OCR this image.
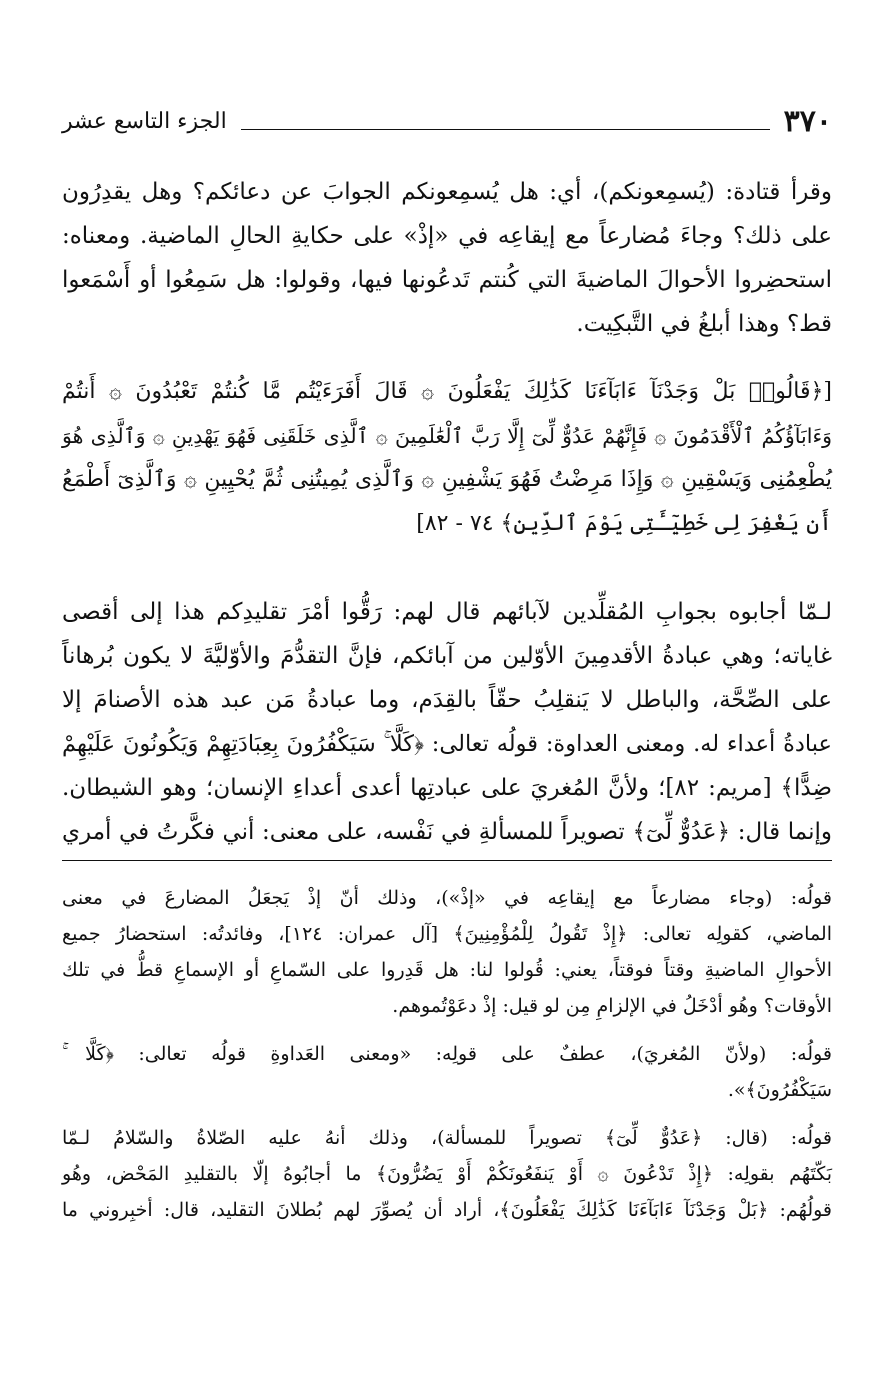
٣٧٠
الجزء التاسع عشر
وقرأ قتادة: (يُسمِعونكم)، أي: هل يُسمِعونكم الجوابَ عن دعائكم؟ وهل يقدِرُون
على ذلك؟ وجاءَ مُضارعاً مع إيقاعِه في «إذْ» على حكايةِ الحالِ الماضية. ومعناه:
استحضِروا الأحوالَ الماضيةَ التي كُنتم تَدعُونها فيها، وقولوا: هل سَمِعُوا أو أَسْمَعوا
قط؟ وهذا أبلغُ في التَّبكِيت.
[﴿قَالُوا۟ بَلْ وَجَدْنَآ ءَابَآءَنَا كَذَٰلِكَ يَفْعَلُونَ ۞ قَالَ أَفَرَءَيْتُم مَّا كُنتُمْ تَعْبُدُونَ ۞ أَنتُمْ
وَءَابَآؤُكُمُ ٱلْأَقْدَمُونَ ۞ فَإِنَّهُمْ عَدُوٌّ لِّىٓ إِلَّا رَبَّ ٱلْعَٰلَمِينَ ۞ ٱلَّذِى خَلَقَنِى فَهُوَ يَهْدِينِ ۞ وَٱلَّذِى هُوَ
يُطْعِمُنِى وَيَسْقِينِ ۞ وَإِذَا مَرِضْتُ فَهُوَ يَشْفِينِ ۞ وَٱلَّذِى يُمِيتُنِى ثُمَّ يُحْيِينِ ۞ وَٱلَّذِىٓ أَطْمَعُ
أَن يَغْفِرَ لِى خَطِيٓـَٔتِى يَوْمَ ٱلدِّينِ﴾ ٧٤ - ٨٢]
لـمّا أجابوه بجوابِ المُقلِّدين لآبائهم قال لهم: رَقُّوا أمْرَ تقليدِكم هذا إلى أقصى
غاياته؛ وهي عبادةُ الأقدمِينَ الأوّلين من آبائكم، فإنَّ التقدُّمَ والأوّليَّةَ لا يكون بُرهاناً
على الصِّحَّة، والباطل لا يَنقلِبُ حقّاً بالقِدَم، وما عبادةُ مَن عبد هذه الأصنامَ إلا
عبادةُ أعداء له. ومعنى العداوة: قولُه تعالى: ﴿كَلَّا ۚ سَيَكْفُرُونَ بِعِبَادَتِهِمْ وَيَكُونُونَ عَلَيْهِمْ
ضِدًّا﴾ [مريم: ٨٢]؛ ولأنَّ المُغريَ على عبادتِها أعدى أعداءِ الإنسان؛ وهو الشيطان.
وإنما قال: ﴿عَدُوٌّ لِّىٓ﴾ تصويراً للمسألةِ في نَفْسه، على معنى: أني فكَّرتُ في أمري
قولُه: (وجاء مضارعاً مع إيقاعِه في «إذْ»)، وذلك أنّ إذْ يَجعَلُ المضارعَ في معنى
الماضي، كقولِه تعالى: ﴿إِذْ تَقُولُ لِلْمُؤْمِنِينَ﴾ [آل عمران: ١٢٤]، وفائدتُه: استحضارُ جميع
الأحوالِ الماضيةِ وقتاً فوقتاً، يعني: قُولوا لنا: هل قَدِروا على السّماعِ أو الإسماعِ قطُّ في تلك
الأوقات؟ وهُو أدْخَلُ في الإلزامِ مِن لو قيل: إذْ دعَوْتُموهم.
قولُه: (ولأنّ المُغريَ)، عطفٌ على قولِه: «ومعنى العَداوةِ قولُه تعالى: ﴿كَلَّا ۚ
سَيَكْفُرُونَ﴾».
قولُه: (قال: ﴿عَدُوٌّ لِّىٓ﴾ تصويراً للمسألة)، وذلك أنهُ عليه الصّلاةُ والسّلامُ لـمّا
بَكّتَهُم بقولِه: ﴿إِذْ تَدْعُونَ ۞ أَوْ يَنفَعُونَكُمْ أَوْ يَضُرُّونَ﴾ ما أجابُوهُ إلّا بالتقليدِ المَحْض، وهُو
قولُهُم: ﴿بَلْ وَجَدْنَآ ءَابَآءَنَا كَذَٰلِكَ يَفْعَلُونَ﴾، أراد أن يُصوِّرَ لهم بُطلانَ التقليد، قال: أخبِروني ما
